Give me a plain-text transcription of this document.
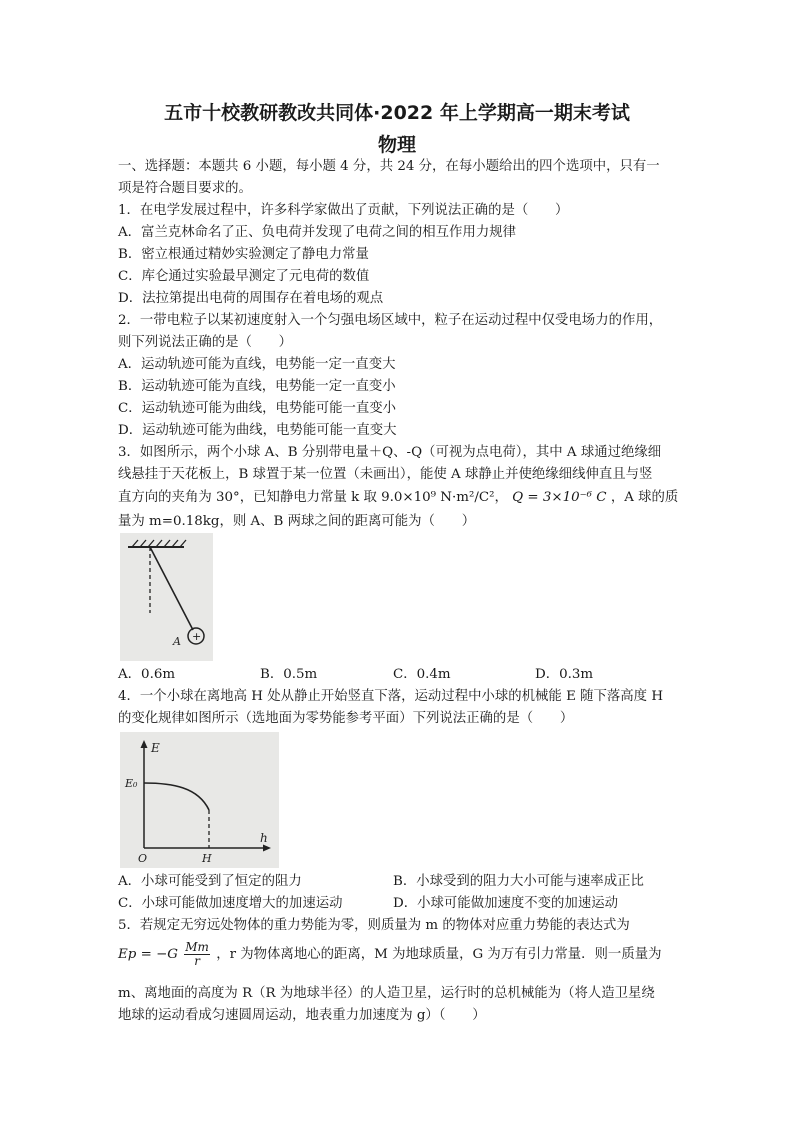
五市十校教研教改共同体·2022 年上学期高一期末考试
物理
一、选择题：本题共 6 小题，每小题 4 分，共 24 分，在每小题给出的四个选项中，只有一
项是符合题目要求的。
1．在电学发展过程中，许多科学家做出了贡献，下列说法正确的是（　　）
A．富兰克林命名了正、负电荷并发现了电荷之间的相互作用力规律
B．密立根通过精妙实验测定了静电力常量
C．库仑通过实验最早测定了元电荷的数值
D．法拉第提出电荷的周围存在着电场的观点
2．一带电粒子以某初速度射入一个匀强电场区域中，粒子在运动过程中仅受电场力的作用，
则下列说法正确的是（　　）
A．运动轨迹可能为直线，电势能一定一直变大
B．运动轨迹可能为直线，电势能一定一直变小
C．运动轨迹可能为曲线，电势能可能一直变小
D．运动轨迹可能为曲线，电势能可能一直变大
3．如图所示，两个小球 A、B 分别带电量＋Q、-Q（可视为点电荷），其中 A 球通过绝缘细
线悬挂于天花板上，B 球置于某一位置（未画出），能使 A 球静止并使绝缘细线伸直且与竖
直方向的夹角为 30°，已知静电力常量 k 取 9.0×10⁹ N·m²/C²， Q = 3×10⁻⁶ C ，A 球的质
量为 m=0.18kg，则 A、B 两球之间的距离可能为（　　）
+
A
A．0.6m	B．0.5m	C．0.4m	D．0.3m
4．一个小球在离地高 H 处从静止开始竖直下落，运动过程中小球的机械能 E 随下落高度 H
的变化规律如图所示（选地面为零势能参考平面）下列说法正确的是（　　）
E
E₀
h
O	H
A．小球可能受到了恒定的阻力	B．小球受到的阻力大小可能与速率成正比
C．小球可能做加速度增大的加速运动	D．小球可能做加速度不变的加速运动
5．若规定无穷远处物体的重力势能为零，则质量为 m 的物体对应重力势能的表达式为
$Ep = -G \frac{Mm}{r}$ ，r 为物体离地心的距离，M 为地球质量，G 为万有引力常量．则一质量为
m、离地面的高度为 R（R 为地球半径）的人造卫星，运行时的总机械能为（将人造卫星绕
地球的运动看成匀速圆周运动，地表重力加速度为 g）（　　）
